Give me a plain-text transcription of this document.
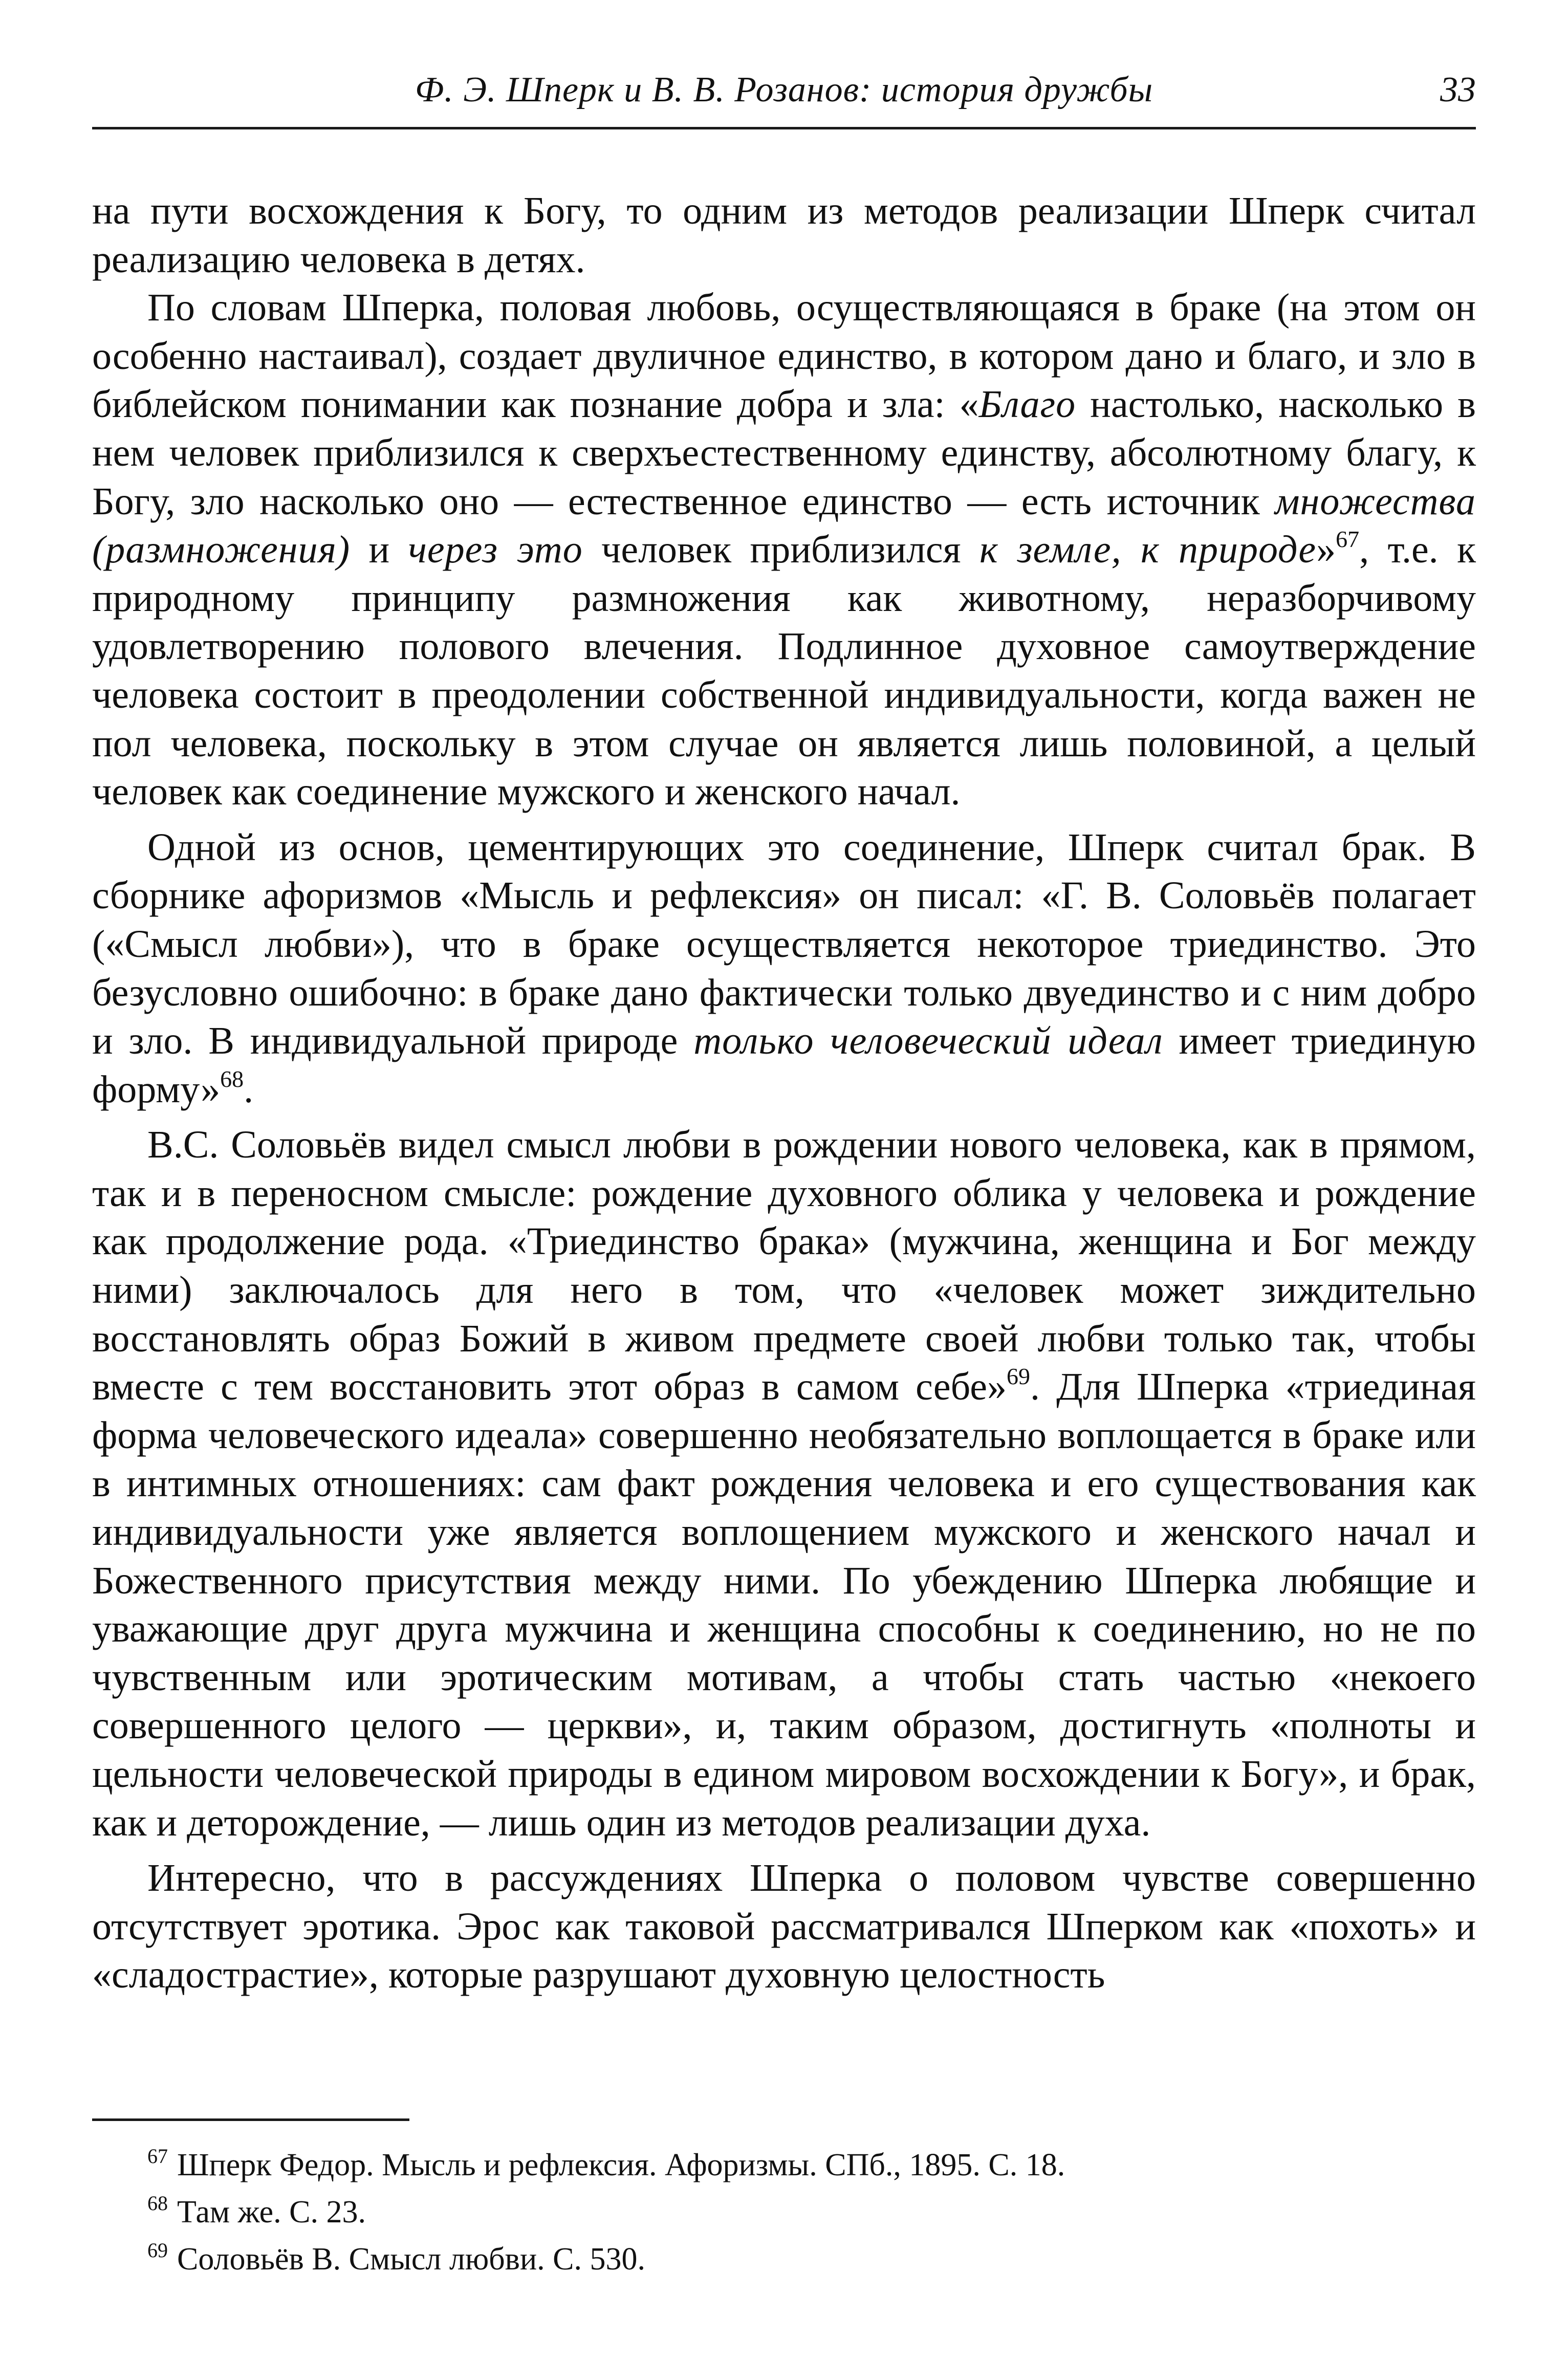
Ф. Э. Шперк и В. В. Розанов: история дружбы	33

на пути восхождения к Богу, то одним из методов реализации Шперк считал реализацию человека в детях.

По словам Шперка, половая любовь, осуществляющаяся в браке (на этом он особенно настаивал), создает двуличное единство, в котором дано и благо, и зло в библейском понимании как познание добра и зла: «Благо настолько, насколько в нем человек приблизился к сверхъестественному единству, абсолютному благу, к Богу, зло насколько оно — естественное единство — есть источник множества (размножения) и через это человек приблизился к земле, к природе»$^{67}$, т.е. к природному принципу размножения как животному, неразборчивому удовлетворению полового влечения. Подлинное духовное самоутверждение человека состоит в преодолении собственной индивидуальности, когда важен не пол человека, поскольку в этом случае он является лишь половиной, а целый человек как соединение мужского и женского начал.

Одной из основ, цементирующих это соединение, Шперк считал брак. В сборнике афоризмов «Мысль и рефлексия» он писал: «Г. В. Соловьёв полагает («Смысл любви»), что в браке осуществляется некоторое триединство. Это безусловно ошибочно: в браке дано фактически только двуединство и с ним добро и зло. В индивидуальной природе только человеческий идеал имеет триединую форму»$^{68}$.

В.С. Соловьёв видел смысл любви в рождении нового человека, как в прямом, так и в переносном смысле: рождение духовного облика у человека и рождение как продолжение рода. «Триединство брака» (мужчина, женщина и Бог между ними) заключалось для него в том, что «человек может зиждительно восстановлять образ Божий в живом предмете своей любви только так, чтобы вместе с тем восстановить этот образ в самом себе»$^{69}$. Для Шперка «триединая форма человеческого идеала» совершенно необязательно воплощается в браке или в интимных отношениях: сам факт рождения человека и его существования как индивидуальности уже является воплощением мужского и женского начал и Божественного присутствия между ними. По убеждению Шперка любящие и уважающие друг друга мужчина и женщина способны к соединению, но не по чувственным или эротическим мотивам, а чтобы стать частью «некоего совершенного целого — церкви», и, таким образом, достигнуть «полноты и цельности человеческой природы в едином мировом восхождении к Богу», и брак, как и деторождение, — лишь один из методов реализации духа.

Интересно, что в рассуждениях Шперка о половом чувстве совершенно отсутствует эротика. Эрос как таковой рассматривался Шперком как «похоть» и «сладострастие», которые разрушают духовную целостность

$^{67}$ Шперк Федор. Мысль и рефлексия. Афоризмы. СПб., 1895. С. 18.
$^{68}$ Там же. С. 23.
$^{69}$ Соловьёв В. Смысл любви. С. 530.
